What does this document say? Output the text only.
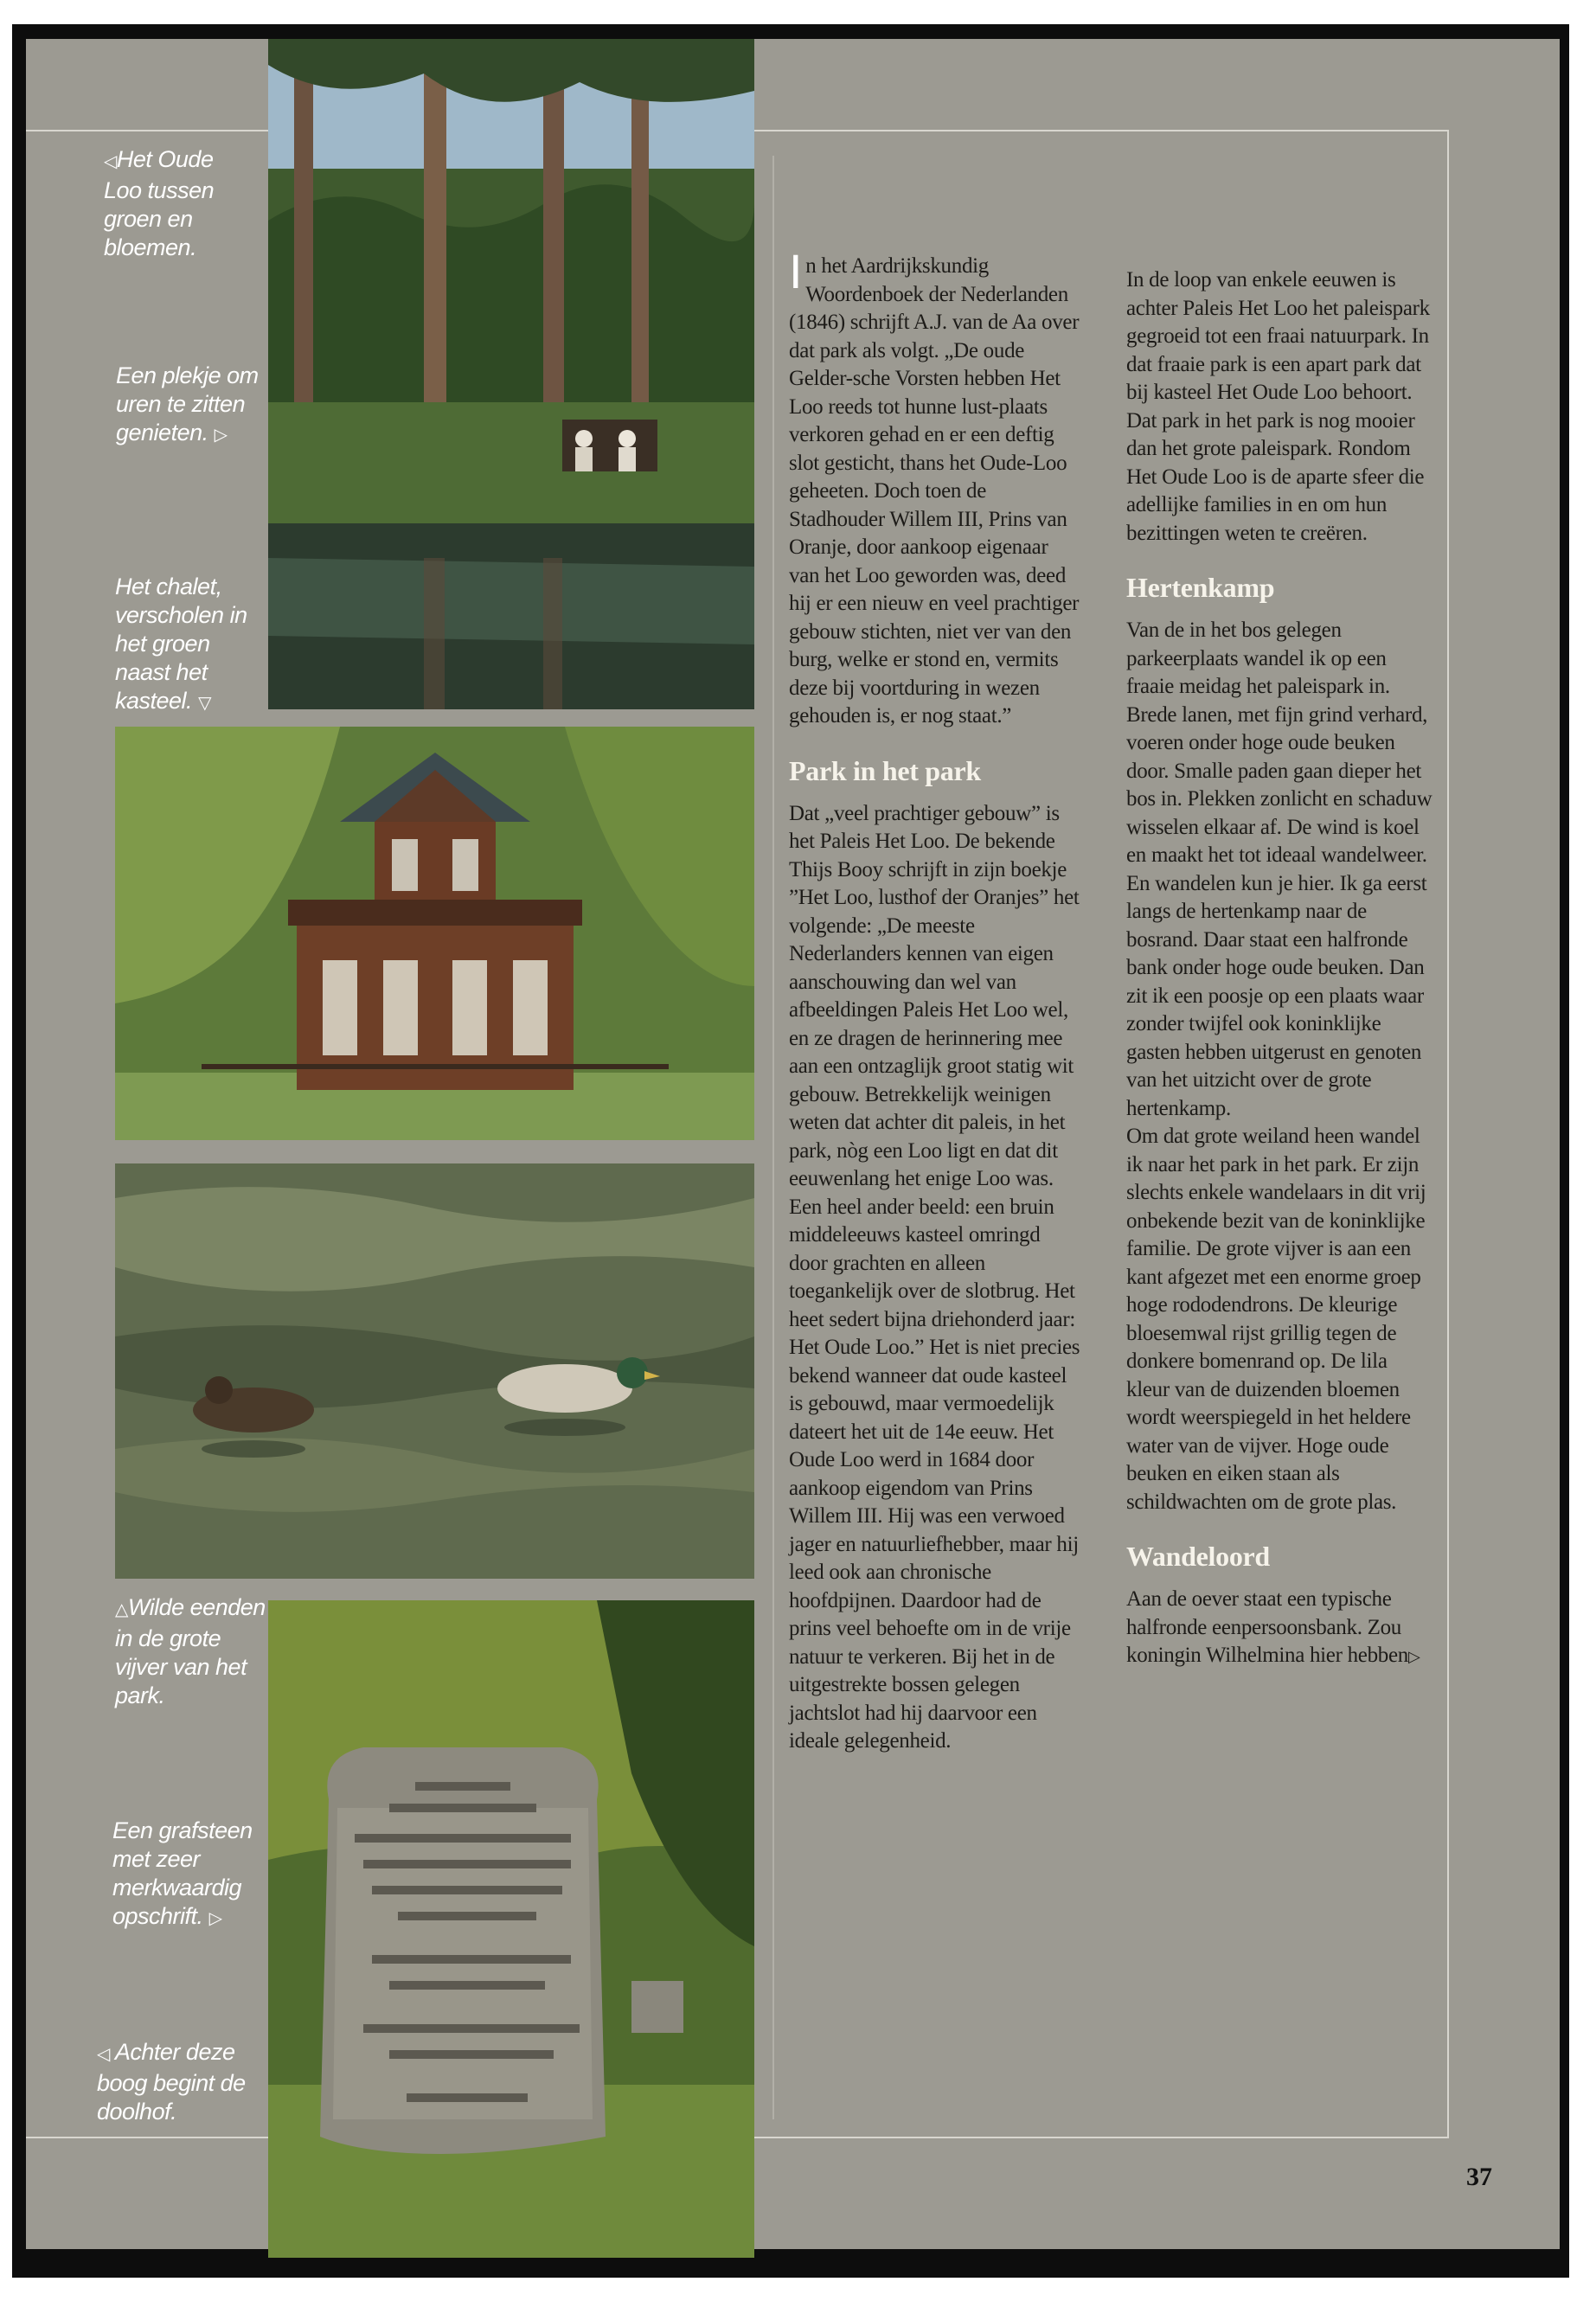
◁Het Oude Loo tussen groen en bloemen.
Een plekje om uren te zitten genieten. ▷
Het chalet, verscholen in het groen naast het kasteel. ▽
△Wilde eenden in de grote vijver van het park.
Een grafsteen met zeer merkwaardig opschrift. ▷
◁ Achter deze boog begint de doolhof.

In het Aardrijkskundig Woordenboek der Nederlanden (1846) schrijft A.J. van de Aa over dat park als volgt. „De oude Gelder-sche Vorsten hebben Het Loo reeds tot hunne lust-plaats verkoren gehad en er een deftig slot gesticht, thans het Oude-Loo geheeten. Doch toen de Stadhouder Willem III, Prins van Oranje, door aankoop eigenaar van het Loo geworden was, deed hij er een nieuw en veel prachtiger gebouw stichten, niet ver van den burg, welke er stond en, vermits deze bij voortduring in wezen gehouden is, er nog staat.”

Park in het park

Dat „veel prachtiger gebouw” is het Paleis Het Loo. De bekende Thijs Booy schrijft in zijn boekje ”Het Loo, lusthof der Oranjes” het volgende: „De meeste Nederlanders kennen van eigen aanschouwing dan wel van afbeeldingen Paleis Het Loo wel, en ze dragen de herinnering mee aan een ontzaglijk groot statig wit gebouw. Betrekkelijk weinigen weten dat achter dit paleis, in het park, nòg een Loo ligt en dat dit eeuwenlang het enige Loo was. Een heel ander beeld: een bruin middeleeuws kasteel omringd door grachten en alleen toegankelijk over de slotbrug. Het heet sedert bijna driehonderd jaar: Het Oude Loo.” Het is niet precies bekend wanneer dat oude kasteel is gebouwd, maar vermoedelijk dateert het uit de 14e eeuw. Het Oude Loo werd in 1684 door aankoop eigendom van Prins Willem III. Hij was een verwoed jager en natuurliefhebber, maar hij leed ook aan chronische hoofdpijnen. Daardoor had de prins veel behoefte om in de vrije natuur te verkeren. Bij het in de uitgestrekte bossen gelegen jachtslot had hij daarvoor een ideale gelegenheid.

In de loop van enkele eeuwen is achter Paleis Het Loo het paleispark gegroeid tot een fraai natuurpark. In dat fraaie park is een apart park dat bij kasteel Het Oude Loo behoort. Dat park in het park is nog mooier dan het grote paleispark. Rondom Het Oude Loo is de aparte sfeer die adellijke families in en om hun bezittingen weten te creëren.

Hertenkamp

Van de in het bos gelegen parkeerplaats wandel ik op een fraaie meidag het paleispark in. Brede lanen, met fijn grind verhard, voeren onder hoge oude beuken door. Smalle paden gaan dieper het bos in. Plekken zonlicht en schaduw wisselen elkaar af. De wind is koel en maakt het tot ideaal wandelweer. En wandelen kun je hier. Ik ga eerst langs de hertenkamp naar de bosrand. Daar staat een halfronde bank onder hoge oude beuken. Dan zit ik een poosje op een plaats waar zonder twijfel ook koninklijke gasten hebben uitgerust en genoten van het uitzicht over de grote hertenkamp.

Om dat grote weiland heen wandel ik naar het park in het park. Er zijn slechts enkele wandelaars in dit vrij onbekende bezit van de koninklijke familie. De grote vijver is aan een kant afgezet met een enorme groep hoge rododendrons. De kleurige bloesemwal rijst grillig tegen de donkere bomenrand op. De lila kleur van de duizenden bloemen wordt weerspiegeld in het heldere water van de vijver. Hoge oude beuken en eiken staan als schildwachten om de grote plas.

Wandeloord

Aan de oever staat een typische halfronde eenpersoonsbank. Zou koningin Wilhelmina hier hebben▷

37
